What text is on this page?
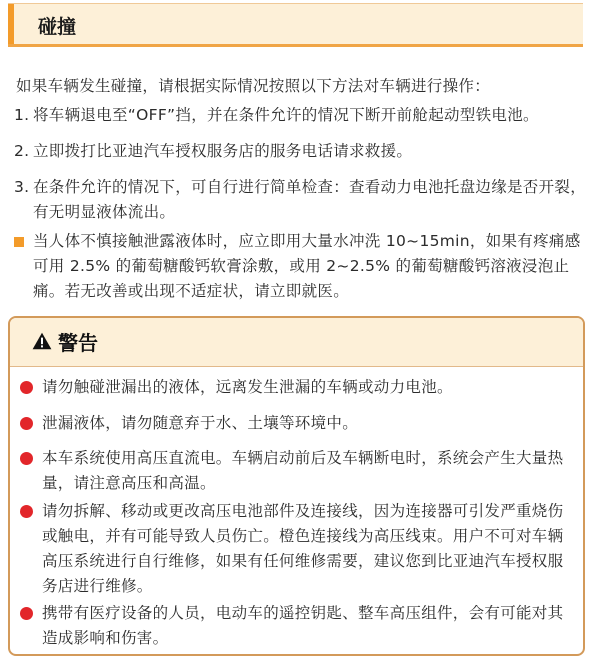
碰撞
如果车辆发生碰撞，请根据实际情况按照以下方法对车辆进行操作：
1. 将车辆退电至“OFF”挡，并在条件允许的情况下断开前舱起动型铁电池。
2. 立即拨打比亚迪汽车授权服务店的服务电话请求救援。
3. 在条件允许的情况下，可自行进行简单检查：查看动力电池托盘边缘是否开裂，有无明显液体流出。
当人体不慎接触泄露液体时，应立即用大量水冲洗 10~15min，如果有疼痛感可用 2.5% 的葡萄糖酸钙软膏涂敷，或用 2~2.5% 的葡萄糖酸钙溶液浸泡止痛。若无改善或出现不适症状，请立即就医。
警告
请勿触碰泄漏出的液体，远离发生泄漏的车辆或动力电池。
泄漏液体，请勿随意弃于水、土壤等环境中。
本车系统使用高压直流电。车辆启动前后及车辆断电时，系统会产生大量热量，请注意高压和高温。
请勿拆解、移动或更改高压电池部件及连接线，因为连接器可引发严重烧伤或触电，并有可能导致人员伤亡。橙色连接线为高压线束。用户不可对车辆高压系统进行自行维修，如果有任何维修需要，建议您到比亚迪汽车授权服务店进行维修。
携带有医疗设备的人员，电动车的遥控钥匙、整车高压组件，会有可能对其造成影响和伤害。
